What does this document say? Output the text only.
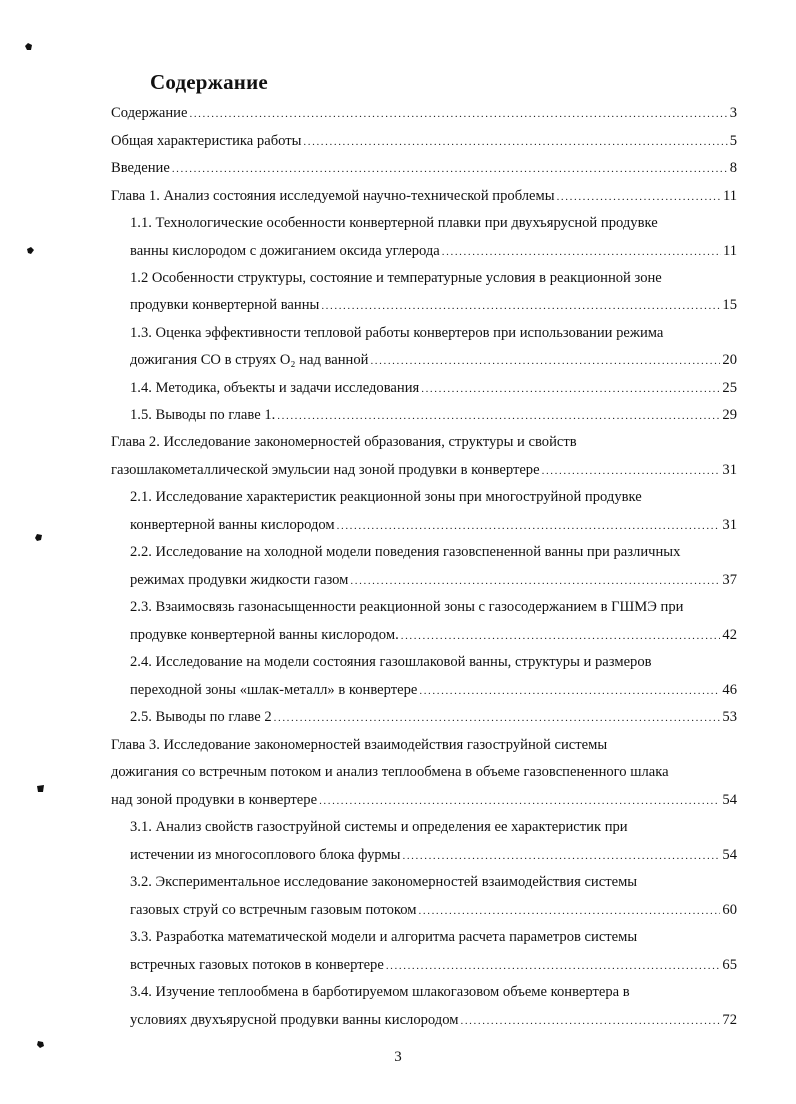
Содержание
Содержание .....	3
Общая характеристика работы .....	5
Введение .....	8
Глава 1. Анализ состояния исследуемой научно-технической проблемы .....	11
1.1. Технологические особенности конвертерной плавки при двухъярусной продувке
ванны кислородом с дожиганием оксида углерода .....	11
1.2 Особенности структуры, состояние и температурные условия в реакционной зоне
продувки конвертерной ванны .....	15
1.3. Оценка эффективности тепловой работы конвертеров при использовании режима
дожигания CO в струях O₂ над ванной .....	20
1.4. Методика, объекты и задачи исследования .....	25
1.5. Выводы по главе 1. .....	29
Глава 2. Исследование закономерностей образования, структуры и свойств
газошлакометаллической эмульсии над зоной продувки в конвертере .....	31
2.1. Исследование характеристик реакционной зоны при многоструйной продувке
конвертерной ванны кислородом .....	31
2.2. Исследование на холодной модели поведения газовспененной ванны при различных
режимах продувки жидкости газом .....	37
2.3. Взаимосвязь газонасыщенности реакционной зоны с газосодержанием в ГШМЭ при
продувке конвертерной ванны кислородом. .....	42
2.4. Исследование на модели состояния газошлаковой ванны, структуры и размеров
переходной зоны «шлак-металл» в конвертере .....	46
2.5. Выводы по главе 2 .....	53
Глава 3. Исследование закономерностей взаимодействия газоструйной системы
дожигания со встречным потоком и анализ теплообмена в объеме газовспененного шлака
над зоной продувки в конвертере .....	54
3.1. Анализ свойств газоструйной системы и определения ее характеристик при
истечении из многосоплового блока фурмы .....	54
3.2. Экспериментальное исследование закономерностей взаимодействия системы
газовых струй со встречным газовым потоком .....	60
3.3. Разработка математической модели и алгоритма расчета параметров системы
встречных газовых потоков в конвертере .....	65
3.4. Изучение теплообмена в барботируемом шлакогазовом объеме конвертера в
условиях двухъярусной продувки ванны кислородом .....	72
3
